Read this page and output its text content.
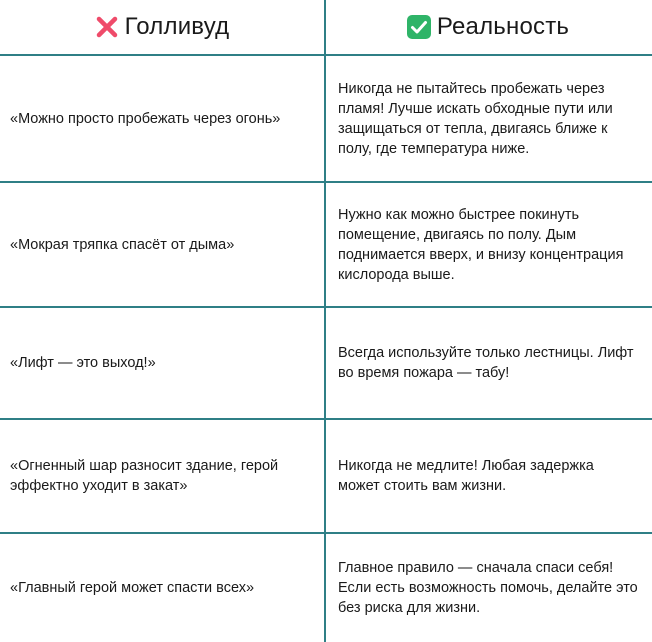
Голливуд	Реальность
«Можно просто пробежать через огонь»
Никогда не пытайтесь пробежать через пламя! Лучше искать обходные пути или защищаться от тепла, двигаясь ближе к полу, где температура ниже.
«Мокрая тряпка спасёт от дыма»
Нужно как можно быстрее покинуть помещение, двигаясь по полу. Дым поднимается вверх, и внизу концентрация кислорода выше.
«Лифт — это выход!»
Всегда используйте только лестницы. Лифт во время пожара — табу!
«Огненный шар разносит здание, герой эффектно уходит в закат»
Никогда не медлите! Любая задержка может стоить вам жизни.
«Главный герой может спасти всех»
Главное правило — сначала спаси себя! Если есть возможность помочь, делайте это без риска для жизни.
